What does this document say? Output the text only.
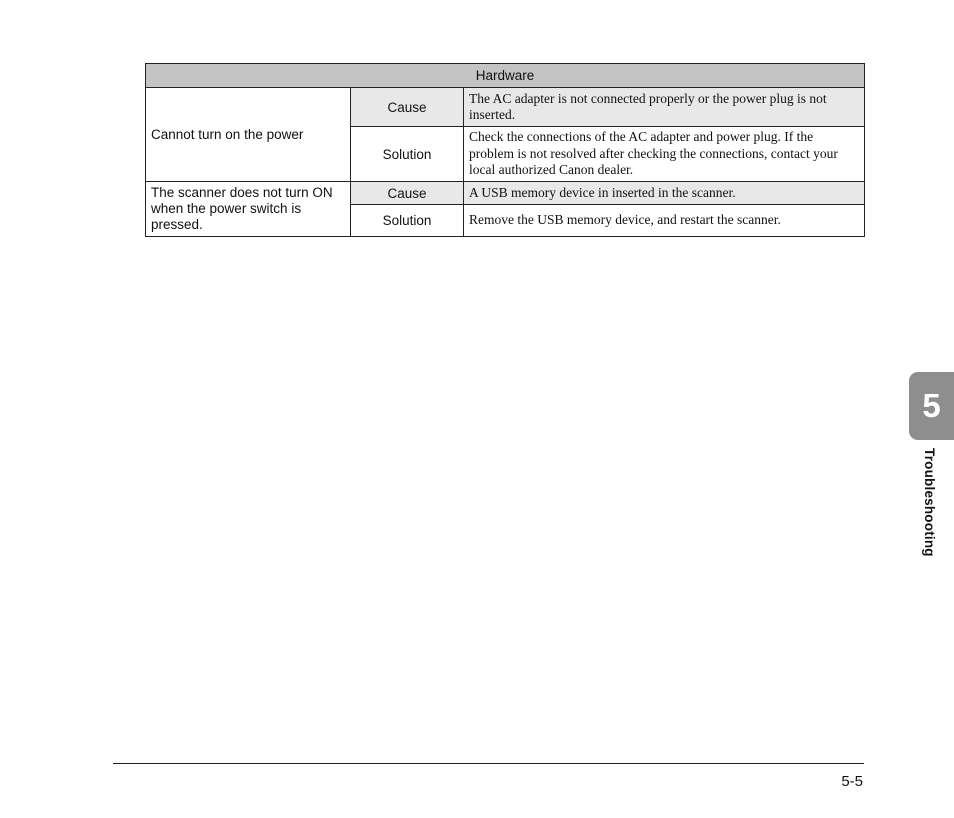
Hardware		
Cannot turn on the power	Cause	The AC adapter is not connected properly or the power plug is not inserted.
	Solution	Check the connections of the AC adapter and power plug. If the problem is not resolved after checking the connections, contact your local authorized Canon dealer.
The scanner does not turn ON when the power switch is pressed.	Cause	A USB memory device in inserted in the scanner.
	Solution	Remove the USB memory device, and restart the scanner.
5
Troubleshooting
5-5
